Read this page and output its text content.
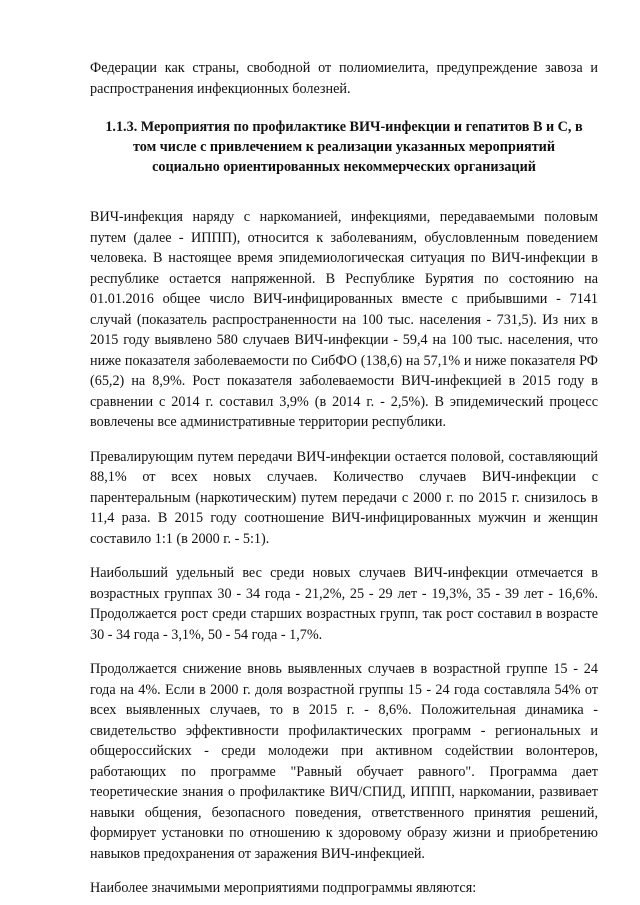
Федерации как страны, свободной от полиомиелита, предупреждение завоза и распространения инфекционных болезней.

1.1.3. Мероприятия по профилактике ВИЧ-инфекции и гепатитов В и С, в том числе с привлечением к реализации указанных мероприятий социально ориентированных некоммерческих организаций

ВИЧ-инфекция наряду с наркоманией, инфекциями, передаваемыми половым путем (далее - ИППП), относится к заболеваниям, обусловленным поведением человека. В настоящее время эпидемиологическая ситуация по ВИЧ-инфекции в республике остается напряженной. В Республике Бурятия по состоянию на 01.01.2016 общее число ВИЧ-инфицированных вместе с прибывшими - 7141 случай (показатель распространенности на 100 тыс. населения - 731,5). Из них в 2015 году выявлено 580 случаев ВИЧ-инфекции - 59,4 на 100 тыс. населения, что ниже показателя заболеваемости по СибФО (138,6) на 57,1% и ниже показателя РФ (65,2) на 8,9%. Рост показателя заболеваемости ВИЧ-инфекцией в 2015 году в сравнении с 2014 г. составил 3,9% (в 2014 г. - 2,5%). В эпидемический процесс вовлечены все административные территории республики.

Превалирующим путем передачи ВИЧ-инфекции остается половой, составляющий 88,1% от всех новых случаев. Количество случаев ВИЧ-инфекции с парентеральным (наркотическим) путем передачи с 2000 г. по 2015 г. снизилось в 11,4 раза. В 2015 году соотношение ВИЧ-инфицированных мужчин и женщин составило 1:1 (в 2000 г. - 5:1).

Наибольший удельный вес среди новых случаев ВИЧ-инфекции отмечается в возрастных группах 30 - 34 года - 21,2%, 25 - 29 лет - 19,3%, 35 - 39 лет - 16,6%. Продолжается рост среди старших возрастных групп, так рост составил в возрасте 30 - 34 года - 3,1%, 50 - 54 года - 1,7%.

Продолжается снижение вновь выявленных случаев в возрастной группе 15 - 24 года на 4%. Если в 2000 г. доля возрастной группы 15 - 24 года составляла 54% от всех выявленных случаев, то в 2015 г. - 8,6%. Положительная динамика - свидетельство эффективности профилактических программ - региональных и общероссийских - среди молодежи при активном содействии волонтеров, работающих по программе "Равный обучает равного". Программа дает теоретические знания о профилактике ВИЧ/СПИД, ИППП, наркомании, развивает навыки общения, безопасного поведения, ответственного принятия решений, формирует установки по отношению к здоровому образу жизни и приобретению навыков предохранения от заражения ВИЧ-инфекцией.

Наиболее значимыми мероприятиями подпрограммы являются:
